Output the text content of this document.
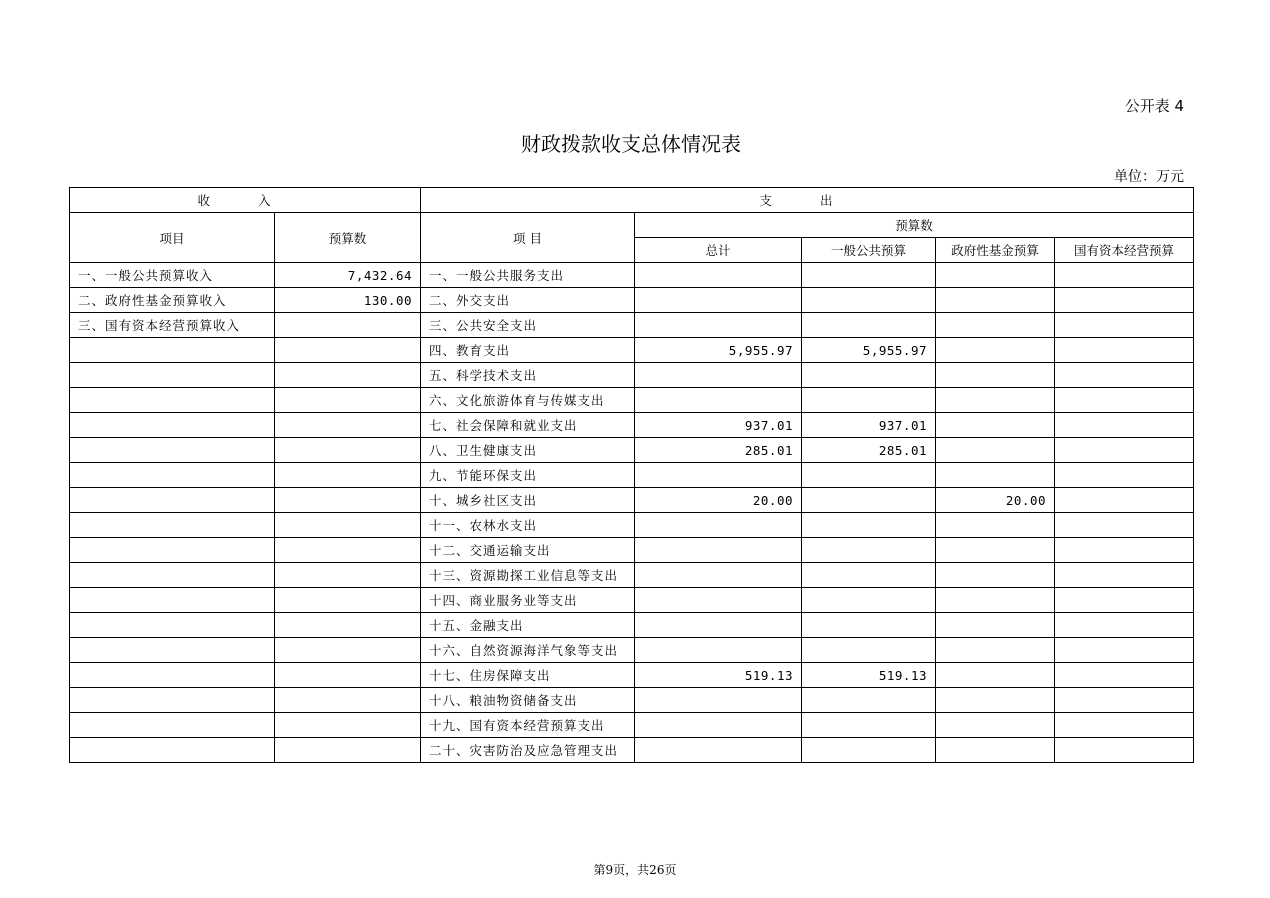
公开表 4
财政拨款收支总体情况表
单位：万元
收 入		支 出				
项目	预算数	项 目	预算数			
			总计	一般公共预算	政府性基金预算	国有资本经营预算
一、一般公共预算收入	7,432.64	一、一般公共服务支出				
二、政府性基金预算收入	130.00	二、外交支出				
三、国有资本经营预算收入		三、公共安全支出				
		四、教育支出	5,955.97	5,955.97		
		五、科学技术支出				
		六、文化旅游体育与传媒支出				
		七、社会保障和就业支出	937.01	937.01		
		八、卫生健康支出	285.01	285.01		
		九、节能环保支出				
		十、城乡社区支出	20.00		20.00	
		十一、农林水支出				
		十二、交通运输支出				
		十三、资源勘探工业信息等支出				
		十四、商业服务业等支出				
		十五、金融支出				
		十六、自然资源海洋气象等支出				
		十七、住房保障支出	519.13	519.13		
		十八、粮油物资储备支出				
		十九、国有资本经营预算支出				
		二十、灾害防治及应急管理支出				
第9页，共26页
